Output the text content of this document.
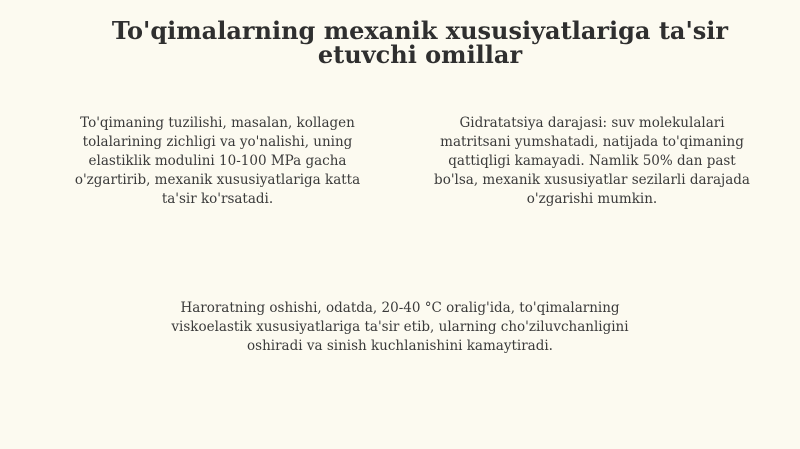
To'qimalarning mexanik xususiyatlariga ta'sir etuvchi omillar

To'qimaning tuzilishi, masalan, kollagen tolalarining zichligi va yo'nalishi, uning elastiklik modulini 10-100 MPa gacha o'zgartirib, mexanik xususiyatlariga katta ta'sir ko'rsatadi.

Gidratatsiya darajasi: suv molekulalari matritsani yumshatadi, natijada to'qimaning qattiqligi kamayadi. Namlik 50% dan past bo'lsa, mexanik xususiyatlar sezilarli darajada o'zgarishi mumkin.

Haroratning oshishi, odatda, 20-40 °C oralig'ida, to'qimalarning viskoelastik xususiyatlariga ta'sir etib, ularning cho'ziluvchanligini oshiradi va sinish kuchlanishini kamaytiradi.
